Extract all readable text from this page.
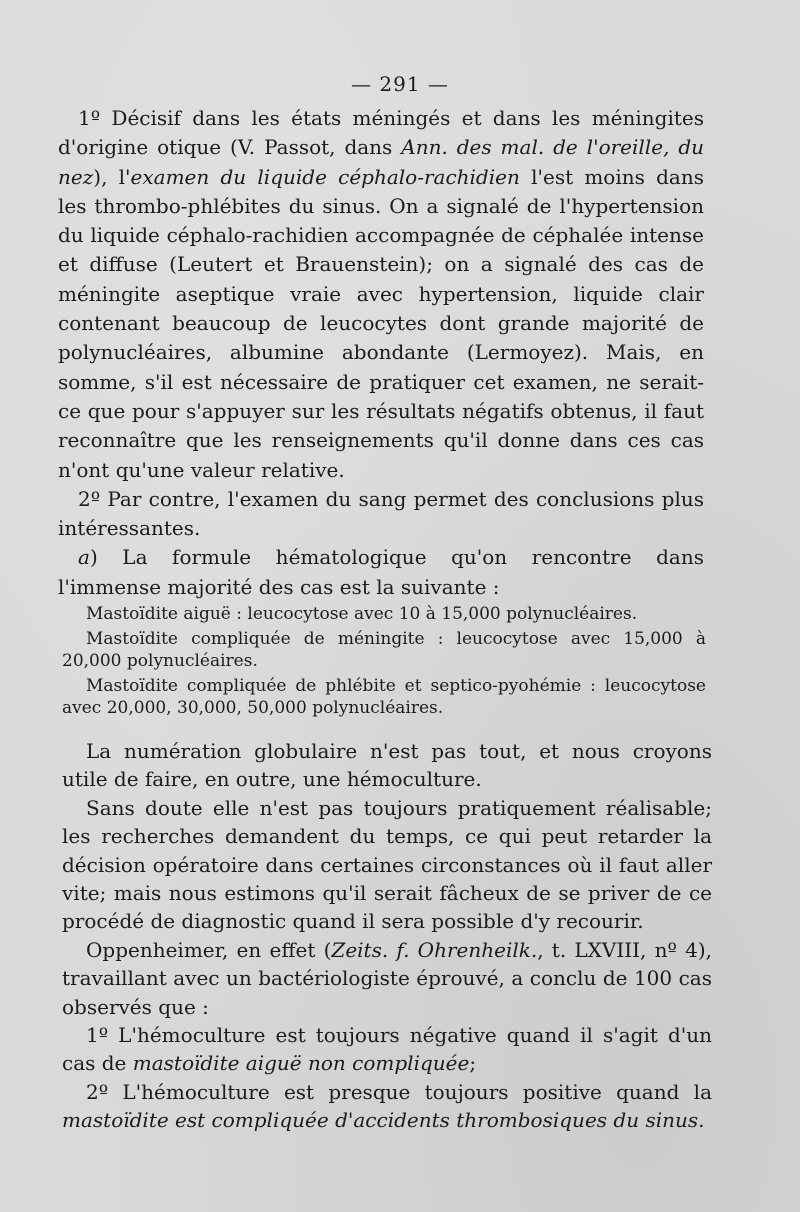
— 291 —

1º Décisif dans les états méningés et dans les méningites d'origine otique (V. Passot, dans Ann. des mal. de l'oreille, du nez), l'examen du liquide céphalo-rachidien l'est moins dans les thrombo-phlébites du sinus. On a signalé de l'hypertension du liquide céphalo-rachidien accompagnée de céphalée intense et diffuse (Leutert et Brauenstein); on a signalé des cas de méningite aseptique vraie avec hypertension, liquide clair contenant beaucoup de leucocytes dont grande majorité de polynucléaires, albumine abondante (Lermoyez). Mais, en somme, s'il est nécessaire de pratiquer cet examen, ne serait-ce que pour s'appuyer sur les résultats négatifs obtenus, il faut reconnaître que les renseignements qu'il donne dans ces cas n'ont qu'une valeur relative.

2º Par contre, l'examen du sang permet des conclusions plus intéressantes.

a) La formule hématologique qu'on rencontre dans l'immense majorité des cas est la suivante :

Mastoïdite aiguë : leucocytose avec 10 à 15,000 polynucléaires.

Mastoïdite compliquée de méningite : leucocytose avec 15,000 à 20,000 polynucléaires.

Mastoïdite compliquée de phlébite et septico-pyohémie : leucocytose avec 20,000, 30,000, 50,000 polynucléaires.

La numération globulaire n'est pas tout, et nous croyons utile de faire, en outre, une hémoculture.

Sans doute elle n'est pas toujours pratiquement réalisable; les recherches demandent du temps, ce qui peut retarder la décision opératoire dans certaines circonstances où il faut aller vite; mais nous estimons qu'il serait fâcheux de se priver de ce procédé de diagnostic quand il sera possible d'y recourir.

Oppenheimer, en effet (Zeits. f. Ohrenheilk., t. LXVIII, nº 4), travaillant avec un bactériologiste éprouvé, a conclu de 100 cas observés que :

1º L'hémoculture est toujours négative quand il s'agit d'un cas de mastoïdite aiguë non compliquée;

2º L'hémoculture est presque toujours positive quand la mastoïdite est compliquée d'accidents thrombosiques du sinus.
